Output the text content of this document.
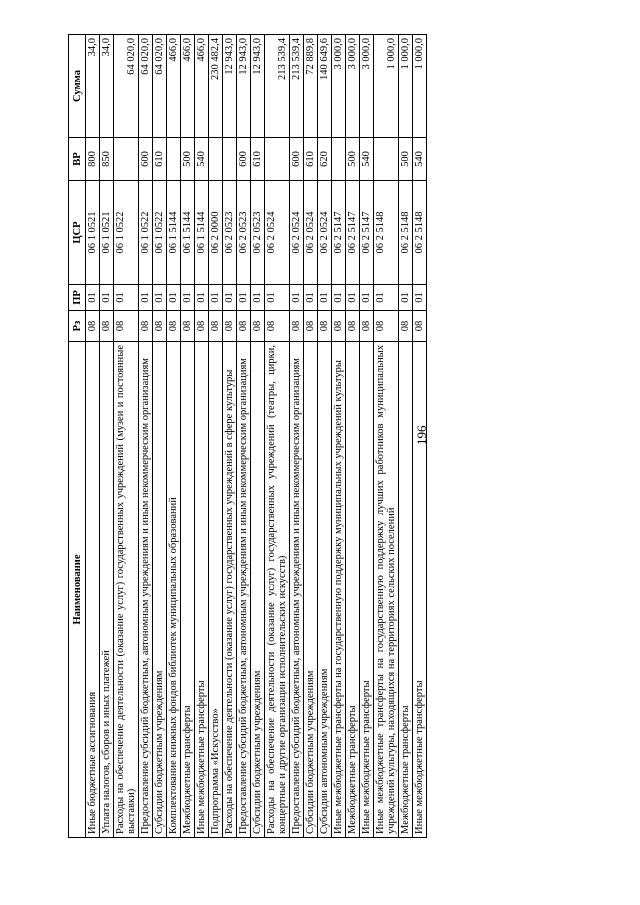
196
Наименование	Рз	ПР	ЦСР	ВР	Сумма
Иные бюджетные ассигнования	08	01	06 1 0521	800	34,0
Уплата налогов, сборов и иных платежей	08	01	06 1 0521	850	34,0
Расходы на обеспечение деятельности (оказание услуг) государственных учреждений (музеи и постоянные выставки)	08	01	06 1 0522		64 020,0
Предоставление субсидий бюджетным, автономным учреждениям и иным некоммерческим организациям	08	01	06 1 0522	600	64 020,0
Субсидии бюджетным учреждениям	08	01	06 1 0522	610	64 020,0
Комплектование книжных фондов библиотек муниципальных образований	08	01	06 1 5144		466,0
Межбюджетные трансферты	08	01	06 1 5144	500	466,0
Иные межбюджетные трансферты	08	01	06 1 5144	540	466,0
Подпрограмма «Искусство»	08	01	06 2 0000		230 482,4
Расходы на обеспечение деятельности (оказание услуг) государственных учреждений в сфере культуры	08	01	06 2 0523		12 943,0
Предоставление субсидий бюджетным, автономным учреждениям и иным некоммерческим организациям	08	01	06 2 0523	600	12 943,0
Субсидии бюджетным учреждениям	08	01	06 2 0523	610	12 943,0
Расходы на обеспечение деятельности (оказание услуг) государственных учреждений (театры, цирки, концертные и другие организации исполнительских искусств)	08	01	06 2 0524		213 539,4
Предоставление субсидий бюджетным, автономным учреждениям и иным некоммерческим организациям	08	01	06 2 0524	600	213 539,4
Субсидии бюджетным учреждениям	08	01	06 2 0524	610	72 889,8
Субсидии автономным учреждениям	08	01	06 2 0524	620	140 649,6
Иные межбюджетные трансферты на государственную поддержку муниципальных учреждений культуры	08	01	06 2 5147		3 000,0
Межбюджетные трансферты	08	01	06 2 5147	500	3 000,0
Иные межбюджетные трансферты	08	01	06 2 5147	540	3 000,0
Иные межбюджетные трансферты на государственную поддержку лучших работников муниципальных учреждений культуры, находящихся на территориях сельских поселений	08	01	06 2 5148		1 000,0
Межбюджетные трансферты	08	01	06 2 5148	500	1 000,0
Иные межбюджетные трансферты	08	01	06 2 5148	540	1 000,0
